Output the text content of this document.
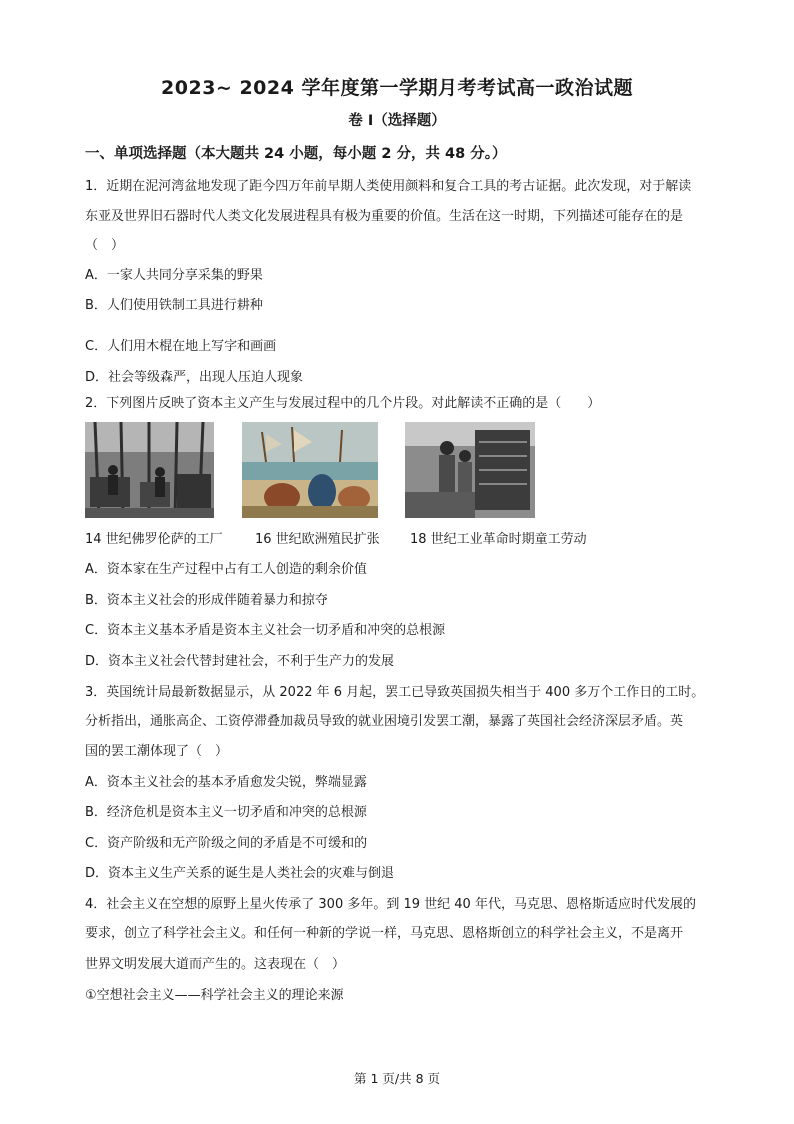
2023~ 2024 学年度第一学期月考考试高一政治试题
卷 I（选择题）
一、单项选择题（本大题共 24 小题，每小题 2 分，共 48 分。）
1．近期在泥河湾盆地发现了距今四万年前早期人类使用颜料和复合工具的考古证据。此次发现，对于解读
东亚及世界旧石器时代人类文化发展进程具有极为重要的价值。生活在这一时期，下列描述可能存在的是
（　）
A．一家人共同分享采集的野果
B．人们使用铁制工具进行耕种
C．人们用木棍在地上写字和画画
D．社会等级森严，出现人压迫人现象
2．下列图片反映了资本主义产生与发展过程中的几个片段。对此解读不正确的是（　　）
14 世纪佛罗伦萨的工厂 16 世纪欧洲殖民扩张 18 世纪工业革命时期童工劳动
A．资本家在生产过程中占有工人创造的剩余价值
B．资本主义社会的形成伴随着暴力和掠夺
C．资本主义基本矛盾是资本主义社会一切矛盾和冲突的总根源
D．资本主义社会代替封建社会，不利于生产力的发展
3．英国统计局最新数据显示，从 2022 年 6 月起，罢工已导致英国损失相当于 400 多万个工作日的工时。
分析指出，通胀高企、工资停滞叠加裁员导致的就业困境引发罢工潮，暴露了英国社会经济深层矛盾。英
国的罢工潮体现了（　）
A．资本主义社会的基本矛盾愈发尖锐，弊端显露
B．经济危机是资本主义一切矛盾和冲突的总根源
C．资产阶级和无产阶级之间的矛盾是不可缓和的
D．资本主义生产关系的诞生是人类社会的灾难与倒退
4．社会主义在空想的原野上星火传承了 300 多年。到 19 世纪 40 年代，马克思、恩格斯适应时代发展的
要求，创立了科学社会主义。和任何一种新的学说一样，马克思、恩格斯创立的科学社会主义，不是离开
世界文明发展大道而产生的。这表现在（　）
①空想社会主义——科学社会主义的理论来源
第 1 页/共 8 页
